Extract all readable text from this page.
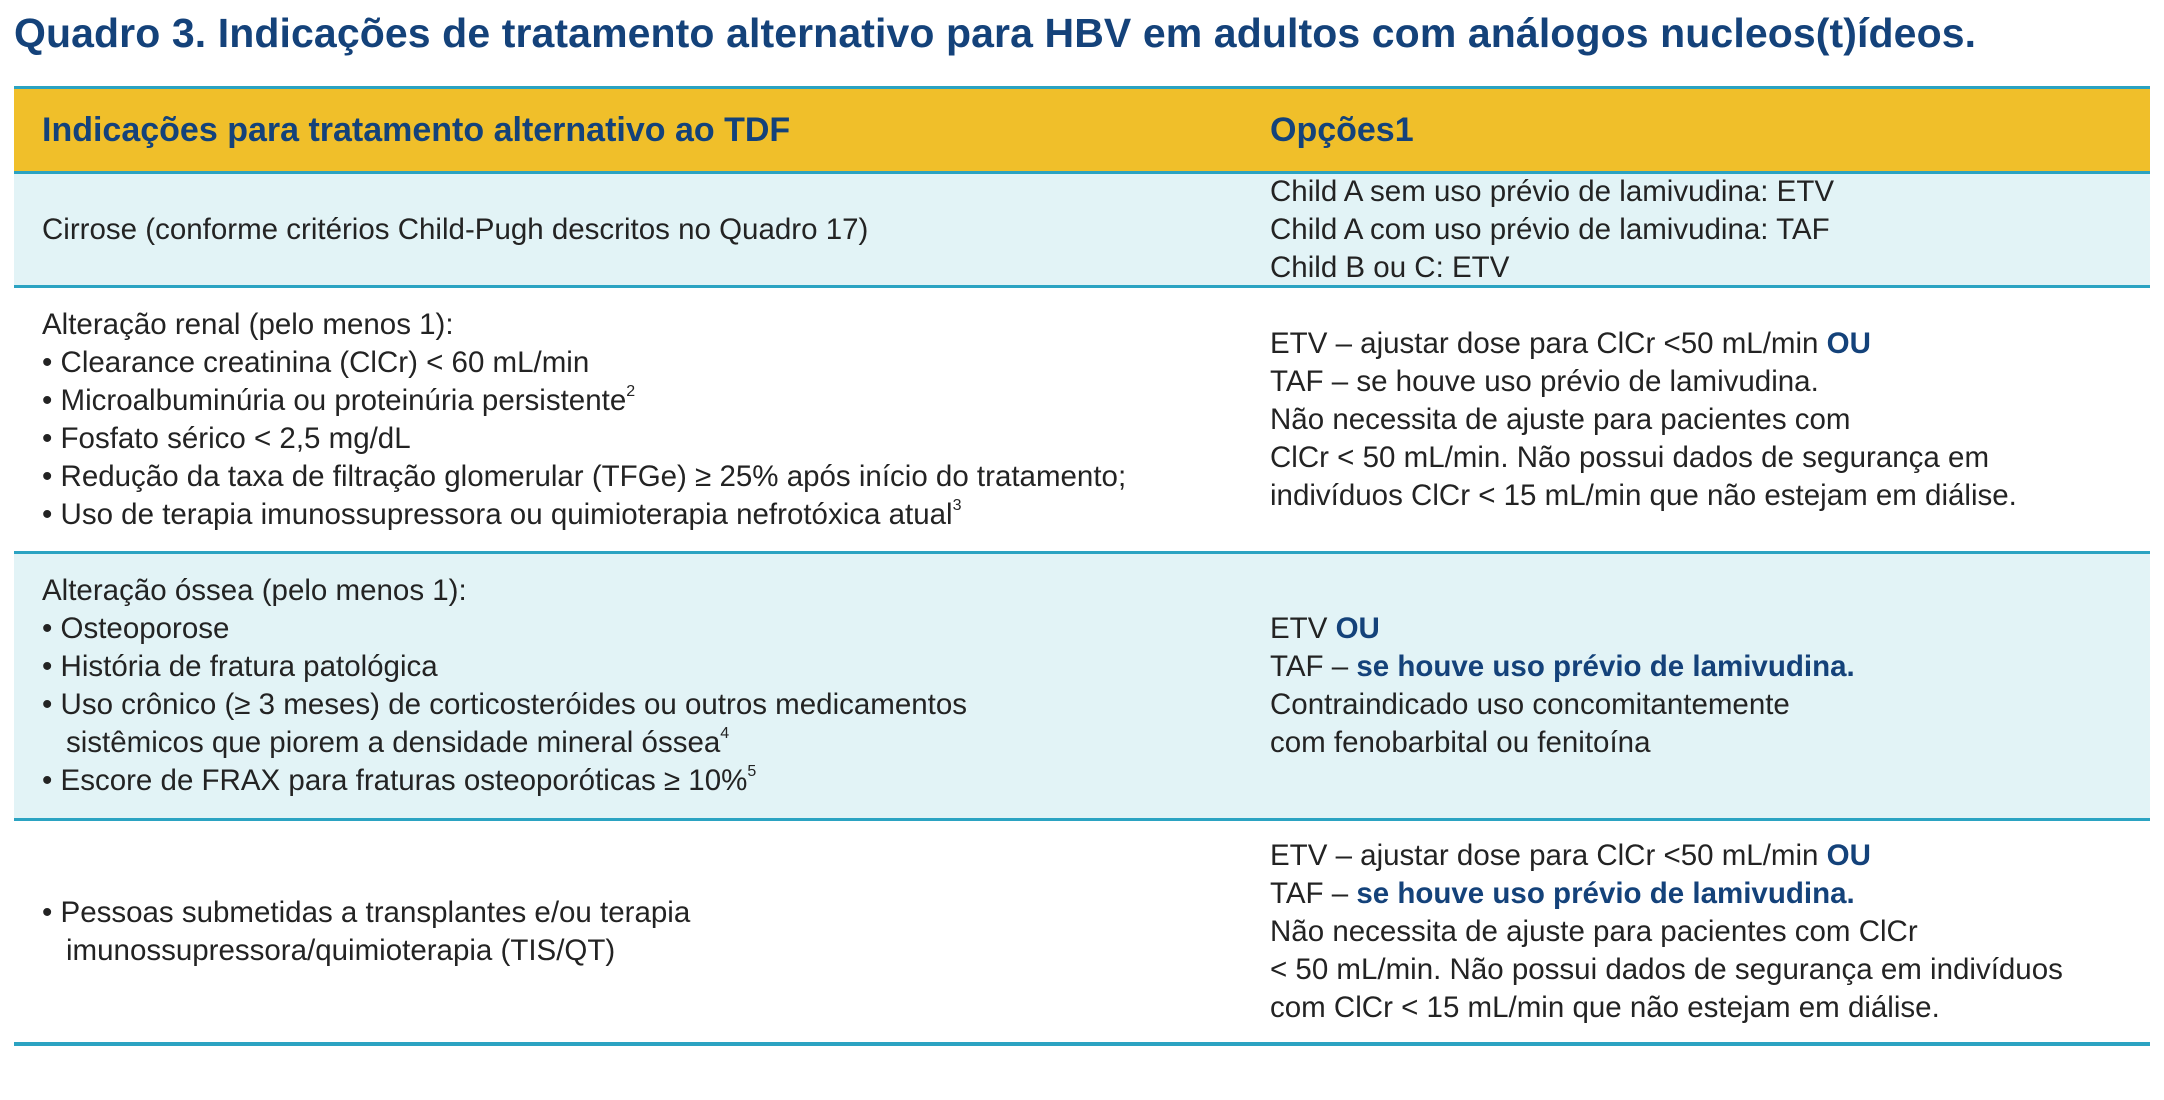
Quadro 3. Indicações de tratamento alternativo para HBV em adultos com análogos nucleos(t)ídeos.
Indicações para tratamento alternativo ao TDF	Opções1
Cirrose (conforme critérios Child-Pugh descritos no Quadro 17)
Child A sem uso prévio de lamivudina: ETV
Child A com uso prévio de lamivudina: TAF
Child B ou C: ETV
Alteração renal (pelo menos 1):
• Clearance creatinina (ClCr) < 60 mL/min
• Microalbuminúria ou proteinúria persistente$^2$
• Fosfato sérico < 2,5 mg/dL
• Redução da taxa de filtração glomerular (TFGe) ≥ 25% após início do tratamento;
• Uso de terapia imunossupressora ou quimioterapia nefrotóxica atual$^3$
ETV – ajustar dose para ClCr <50 mL/min OU
TAF – se houve uso prévio de lamivudina.
Não necessita de ajuste para pacientes com
ClCr < 50 mL/min. Não possui dados de segurança em
indivíduos ClCr < 15 mL/min que não estejam em diálise.
Alteração óssea (pelo menos 1):
• Osteoporose
• História de fratura patológica
• Uso crônico (≥ 3 meses) de corticosteróides ou outros medicamentos
sistêmicos que piorem a densidade mineral óssea$^4$
• Escore de FRAX para fraturas osteoporóticas ≥ 10%$^5$
ETV OU
TAF – se houve uso prévio de lamivudina.
Contraindicado uso concomitantemente
com fenobarbital ou fenitoína
• Pessoas submetidas a transplantes e/ou terapia
imunossupressora/quimioterapia (TIS/QT)
ETV – ajustar dose para ClCr <50 mL/min OU
TAF – se houve uso prévio de lamivudina.
Não necessita de ajuste para pacientes com ClCr
< 50 mL/min. Não possui dados de segurança em indivíduos
com ClCr < 15 mL/min que não estejam em diálise.
